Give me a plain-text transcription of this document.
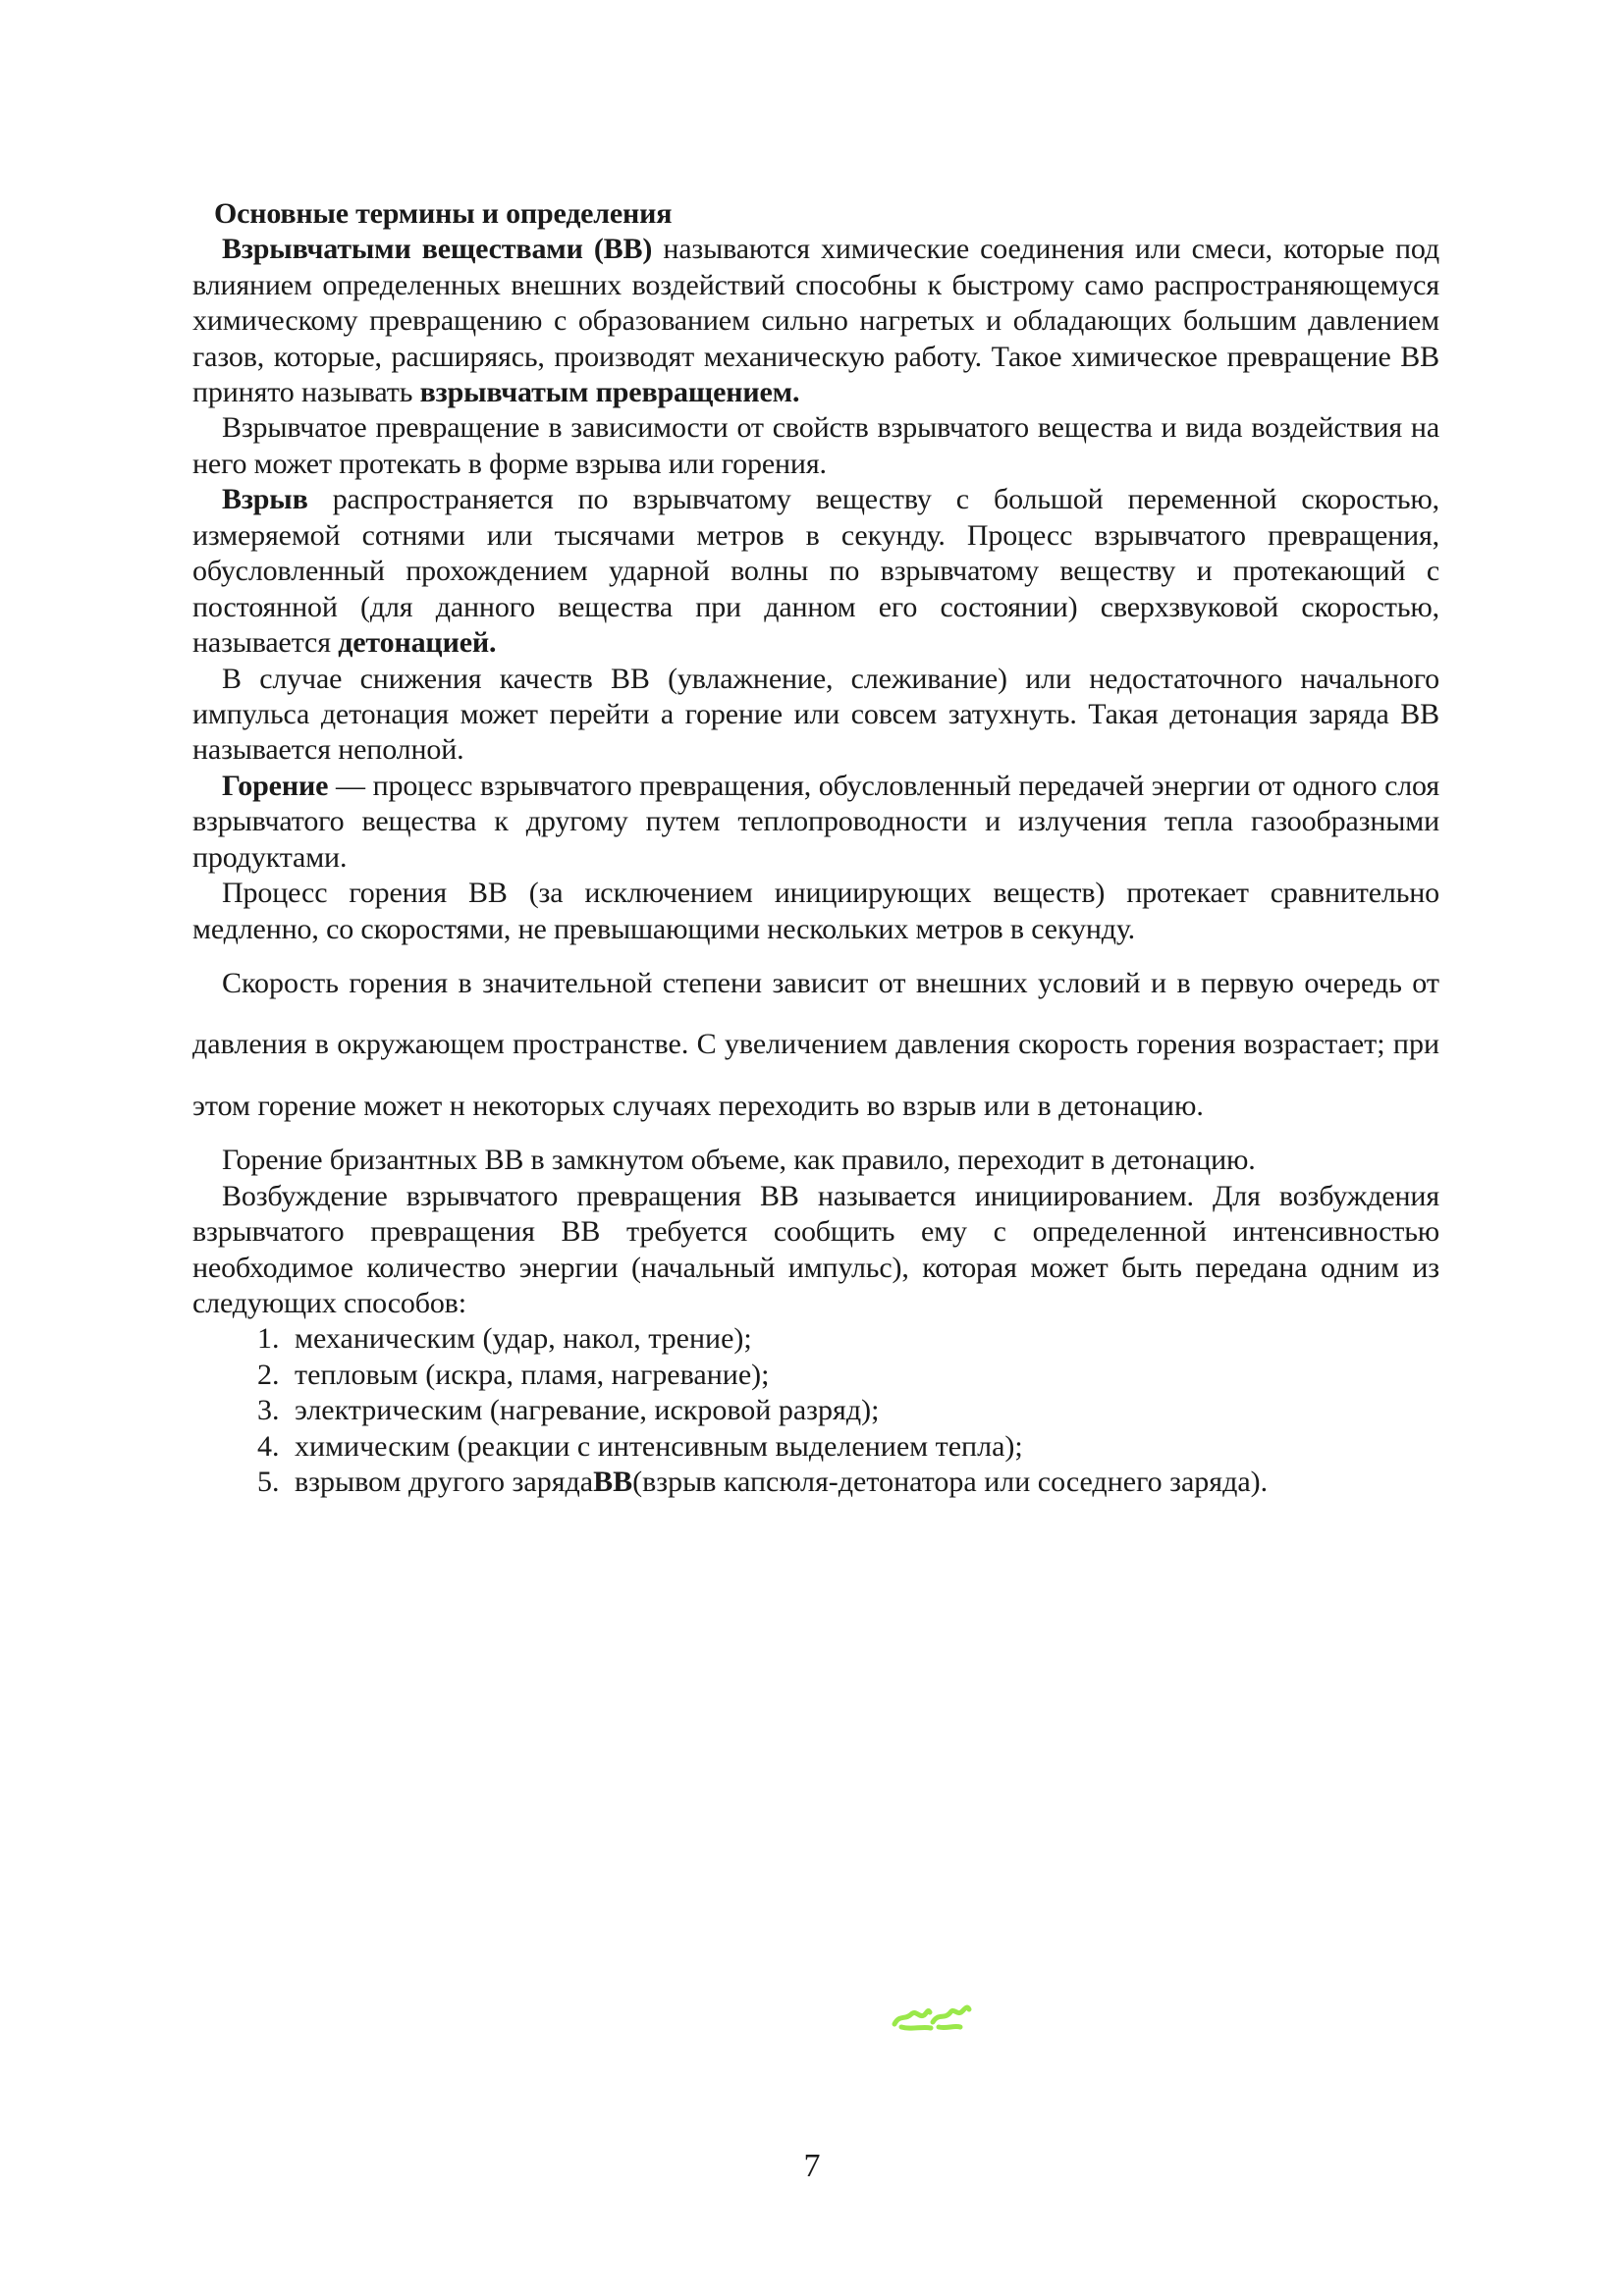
Основные термины и определения

Взрывчатыми веществами (ВВ) называются химические соединения или смеси, которые под влиянием определенных внешних воздействий способны к быстрому само распространяющемуся химическому превращению с образованием сильно нагретых и обладающих большим давлением газов, которые, расширяясь, производят механическую работу. Такое химическое превращение ВВ принято называть взрывчатым превращением.

Взрывчатое превращение в зависимости от свойств взрывчатого вещества и вида воздействия на него может протекать в форме взрыва или горения.

Взрыв распространяется по взрывчатому веществу с большой переменной скоростью, измеряемой сотнями или тысячами метров в секунду. Процесс взрывчатого превращения, обусловленный прохождением ударной волны по взрывчатому веществу и протекающий с постоянной (для данного вещества при данном его состоянии) сверхзвуковой скоростью, называется детонацией.

В случае снижения качеств ВВ (увлажнение, слеживание) или недостаточного начального импульса детонация может перейти а горение или совсем затухнуть. Такая детонация заряда ВВ называется неполной.

Горение — процесс взрывчатого превращения, обусловленный передачей энергии от одного слоя взрывчатого вещества к другому путем теплопроводности и излучения тепла газообразными продуктами.

Процесс горения ВВ (за исключением инициирующих веществ) протекает сравнительно медленно, со скоростями, не превышающими нескольких метров в секунду.

Скорость горения в значительной степени зависит от внешних условий и в первую очередь от давления в окружающем пространстве. С увеличением давления скорость горения возрастает; при этом горение может н некоторых случаях переходить во взрыв или в детонацию.

Горение бризантных ВВ в замкнутом объеме, как правило, переходит в детонацию.

Возбуждение взрывчатого превращения ВВ называется инициированием. Для возбуждения взрывчатого превращения ВВ требуется сообщить ему с определенной интенсивностью необходимое количество энергии (начальный импульс), которая может быть передана одним из следующих способов:

1. механическим (удар, накол, трение);
2. тепловым (искра, пламя, нагревание);
3. электрическим (нагревание, искровой разряд);
4. химическим (реакции с интенсивным выделением тепла);
5. взрывом другого заряда ВВ (взрыв капсюля-детонатора или соседнего заряда).
7
